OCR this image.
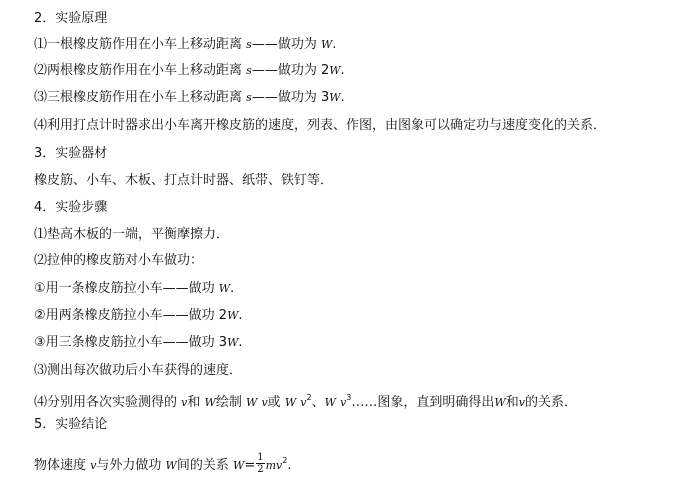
2．实验原理
⑴一根橡皮筋作用在小车上移动距离 s——做功为 W.
⑵两根橡皮筋作用在小车上移动距离 s——做功为 2W.
⑶三根橡皮筋作用在小车上移动距离 s——做功为 3W.
⑷利用打点计时器求出小车离开橡皮筋的速度，列表、作图，由图象可以确定功与速度变化的关系．
3．实验器材
橡皮筋、小车、木板、打点计时器、纸带、铁钉等．
4．实验步骤
⑴垫高木板的一端，平衡摩擦力．
⑵拉伸的橡皮筋对小车做功：
①用一条橡皮筋拉小车——做功 W.
②用两条橡皮筋拉小车——做功 2W.
③用三条橡皮筋拉小车——做功 3W.
⑶测出每次做功后小车获得的速度．
⑷分别用各次实验测得的 v和 W绘制 W v或 W $v^2$、W $v^3\dots\dots$图象，直到明确得出W和v的关系．
5．实验结论
物体速度 v与外力做功 W间的关系 $W= \frac{1}{2} mv^2$.
